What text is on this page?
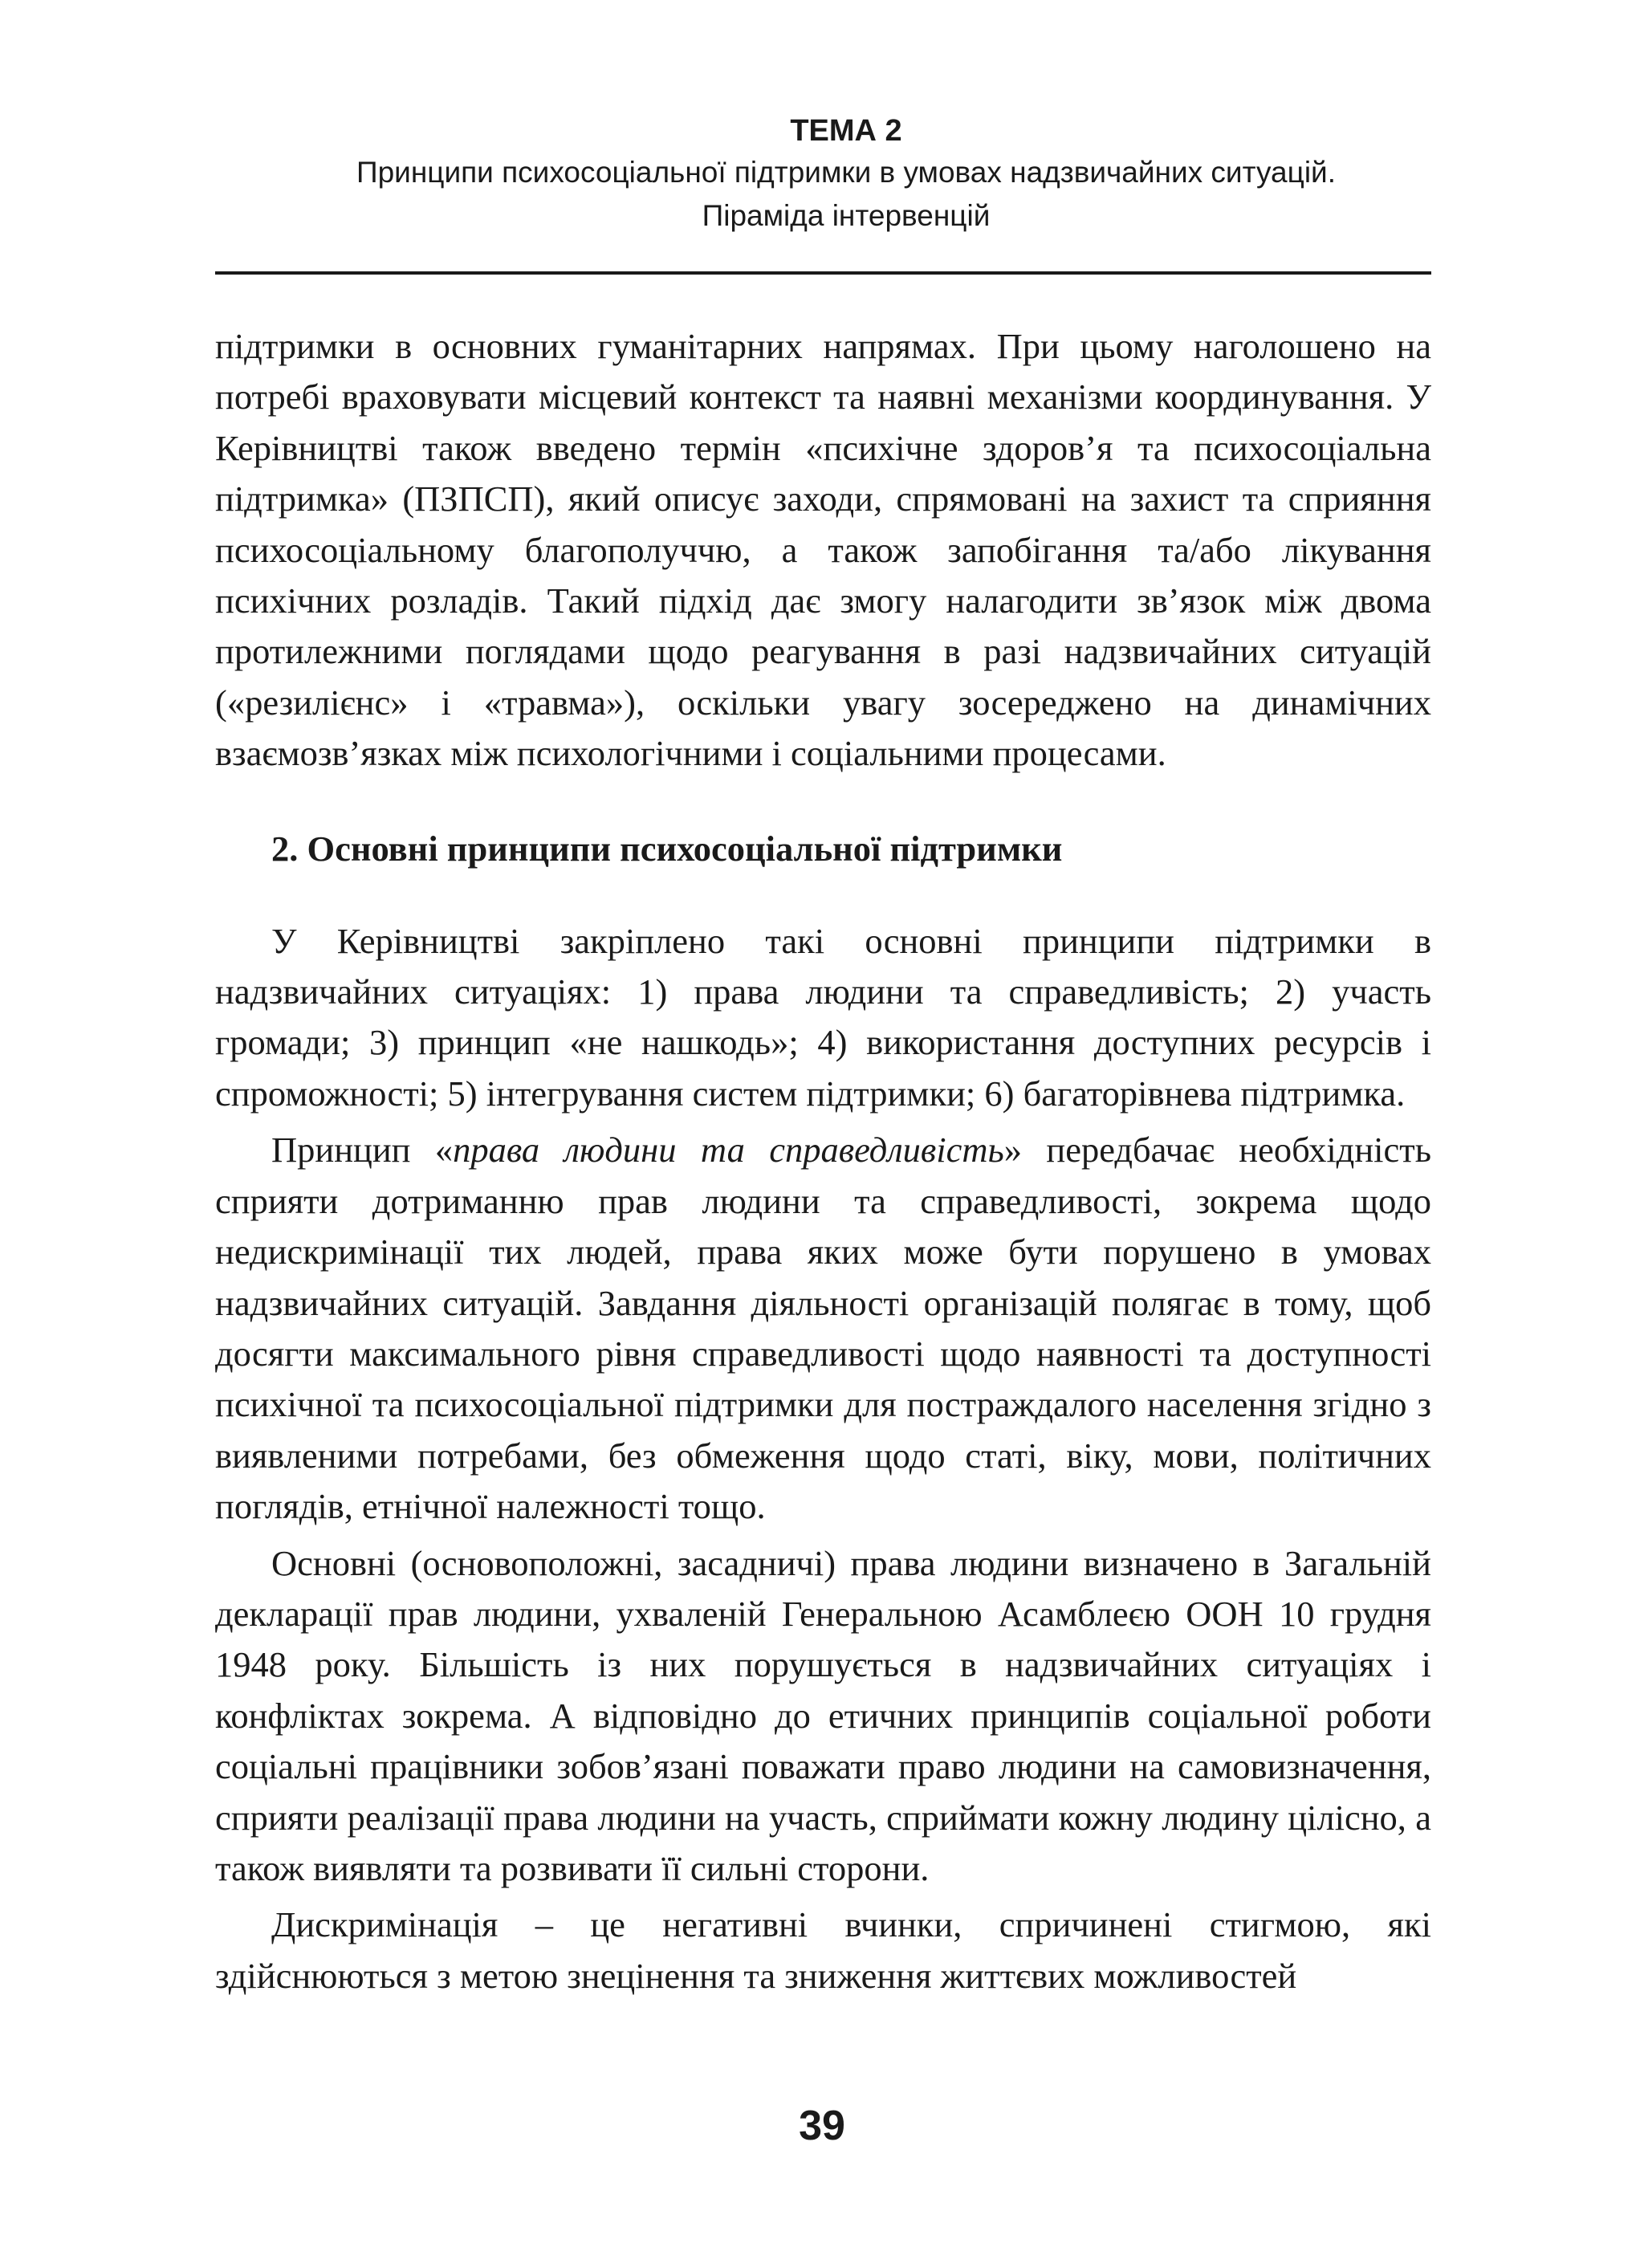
ТЕМА 2
Принципи психосоціальної підтримки в умовах надзвичайних ситуацій.
Піраміда інтервенцій

підтримки в основних гуманітарних напрямах. При цьому наголошено на потребі враховувати місцевий контекст та наявні механізми координування. У Керівництві також введено термін «психічне здоров’я та психосоціальна підтримка» (ПЗПСП), який описує заходи, спрямовані на захист та сприяння психосоціальному благополуччю, а також запобігання та/або лікування психічних розладів. Такий підхід дає змогу налагодити зв’язок між двома протилежними поглядами щодо реагування в разі надзвичайних ситуацій («резилієнс» і «травма»), оскільки увагу зосереджено на динамічних взаємозв’язках між психологічними і соціальними процесами.

2. Основні принципи психосоціальної підтримки

У Керівництві закріплено такі основні принципи підтримки в надзвичайних ситуаціях: 1) права людини та справедливість; 2) участь громади; 3) принцип «не нашкодь»; 4) використання доступних ресурсів і спроможності; 5) інтегрування систем підтримки; 6) багаторівнева підтримка.

Принцип «права людини та справедливість» передбачає необхідність сприяти дотриманню прав людини та справедливості, зокрема щодо недискримінації тих людей, права яких може бути порушено в умовах надзвичайних ситуацій. Завдання діяльності організацій полягає в тому, щоб досягти максимального рівня справедливості щодо наявності та доступності психічної та психосоціальної підтримки для постраждалого населення згідно з виявленими потребами, без обмеження щодо статі, віку, мови, політичних поглядів, етнічної належності тощо.

Основні (основоположні, засадничі) права людини визначено в Загальній декларації прав людини, ухваленій Генеральною Асамблеєю ООН 10 грудня 1948 року. Більшість із них порушується в надзвичайних ситуаціях і конфліктах зокрема. А відповідно до етичних принципів соціальної роботи соціальні працівники зобов’язані поважати право людини на самовизначення, сприяти реалізації права людини на участь, сприймати кожну людину цілісно, а також виявляти та розвивати її сильні сторони.

Дискримінація – це негативні вчинки, спричинені стигмою, які здійснюються з метою знецінення та зниження життєвих можливостей

39
